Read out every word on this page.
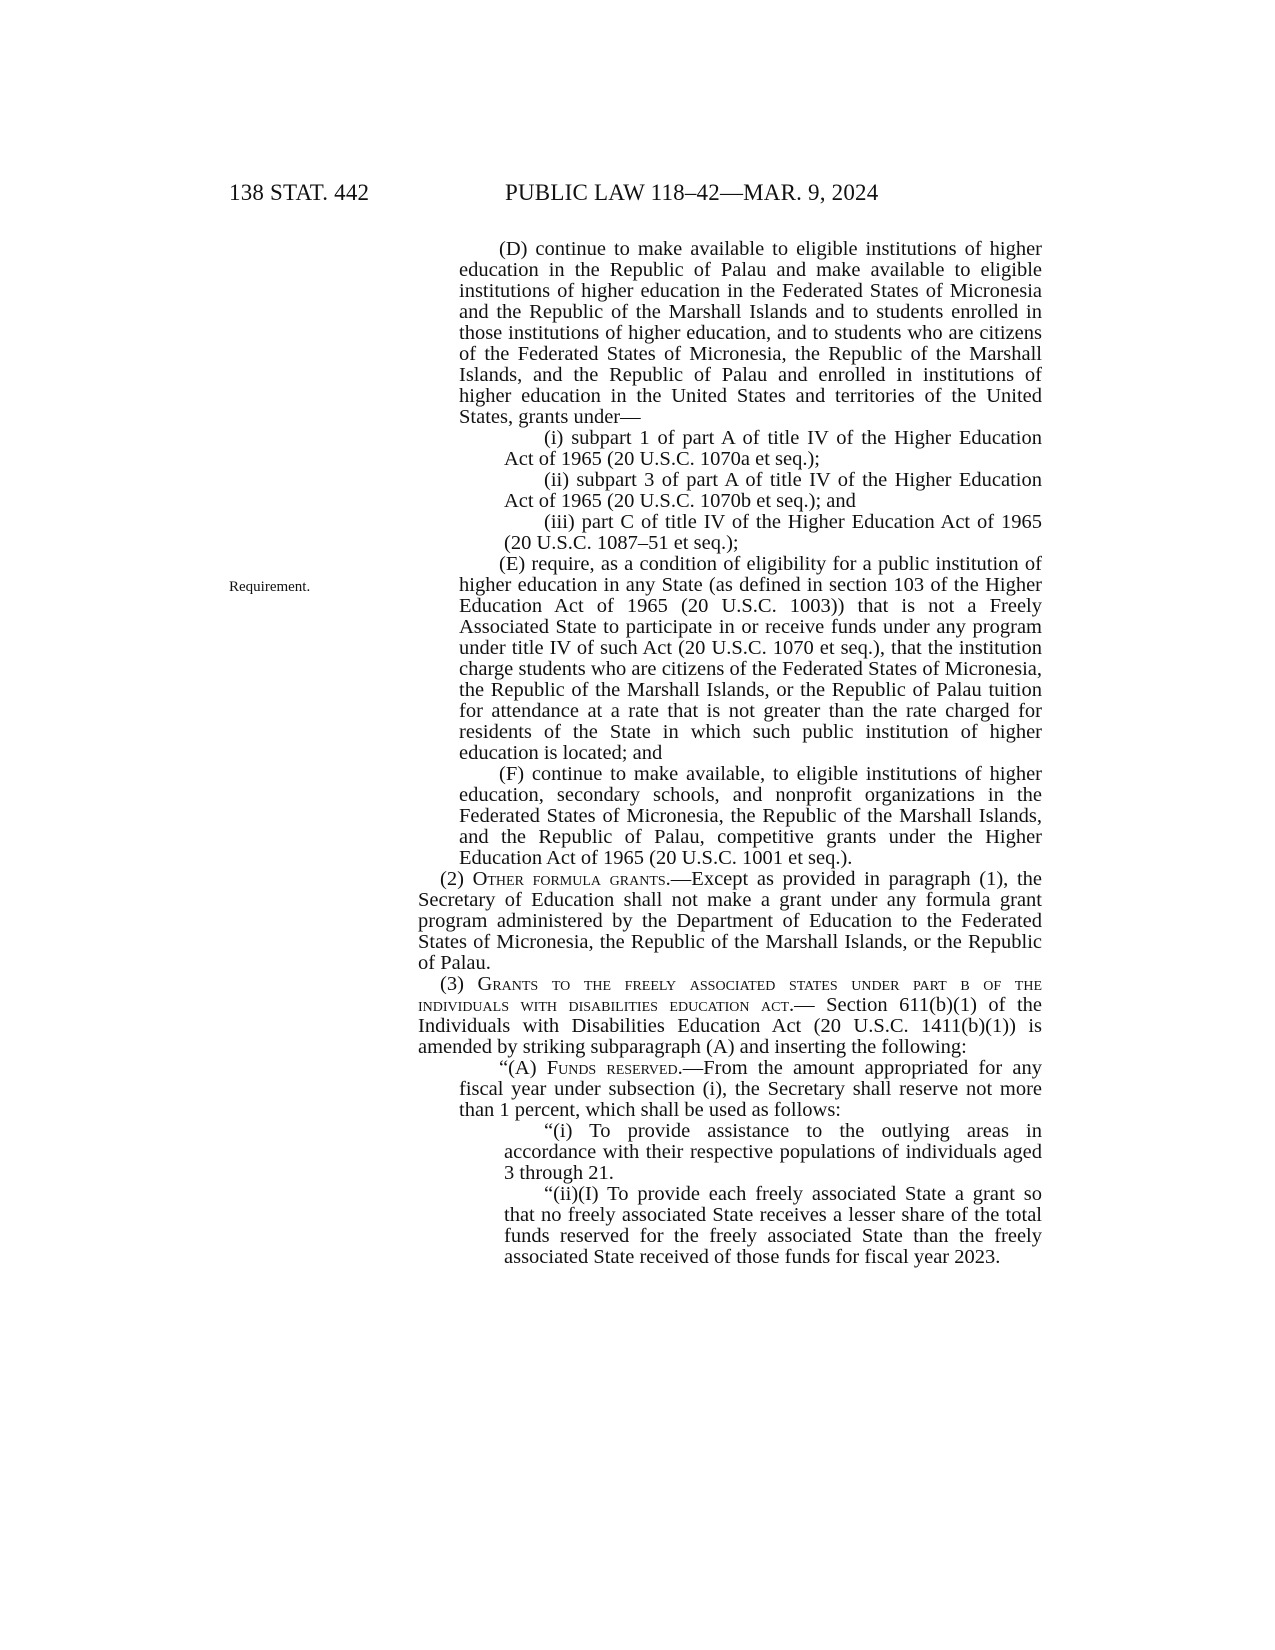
138 STAT. 442	PUBLIC LAW 118–42—MAR. 9, 2024
Requirement.

(D) continue to make available to eligible institutions of higher education in the Republic of Palau and make available to eligible institutions of higher education in the Federated States of Micronesia and the Republic of the Marshall Islands and to students enrolled in those institutions of higher education, and to students who are citizens of the Federated States of Micronesia, the Republic of the Marshall Islands, and the Republic of Palau and enrolled in institutions of higher education in the United States and territories of the United States, grants under—

(i) subpart 1 of part A of title IV of the Higher Education Act of 1965 (20 U.S.C. 1070a et seq.);

(ii) subpart 3 of part A of title IV of the Higher Education Act of 1965 (20 U.S.C. 1070b et seq.); and

(iii) part C of title IV of the Higher Education Act of 1965 (20 U.S.C. 1087–51 et seq.);

(E) require, as a condition of eligibility for a public institution of higher education in any State (as defined in section 103 of the Higher Education Act of 1965 (20 U.S.C. 1003)) that is not a Freely Associated State to participate in or receive funds under any program under title IV of such Act (20 U.S.C. 1070 et seq.), that the institution charge students who are citizens of the Federated States of Micronesia, the Republic of the Marshall Islands, or the Republic of Palau tuition for attendance at a rate that is not greater than the rate charged for residents of the State in which such public institution of higher education is located; and

(F) continue to make available, to eligible institutions of higher education, secondary schools, and nonprofit organizations in the Federated States of Micronesia, the Republic of the Marshall Islands, and the Republic of Palau, competitive grants under the Higher Education Act of 1965 (20 U.S.C. 1001 et seq.).

(2) Other formula grants.—Except as provided in paragraph (1), the Secretary of Education shall not make a grant under any formula grant program administered by the Department of Education to the Federated States of Micronesia, the Republic of the Marshall Islands, or the Republic of Palau.

(3) Grants to the freely associated states under part b of the individuals with disabilities education act.— Section 611(b)(1) of the Individuals with Disabilities Education Act (20 U.S.C. 1411(b)(1)) is amended by striking subparagraph (A) and inserting the following:

“(A) Funds reserved.—From the amount appropriated for any fiscal year under subsection (i), the Secretary shall reserve not more than 1 percent, which shall be used as follows:

“(i) To provide assistance to the outlying areas in accordance with their respective populations of individuals aged 3 through 21.

“(ii)(I) To provide each freely associated State a grant so that no freely associated State receives a lesser share of the total funds reserved for the freely associated State than the freely associated State received of those funds for fiscal year 2023.
